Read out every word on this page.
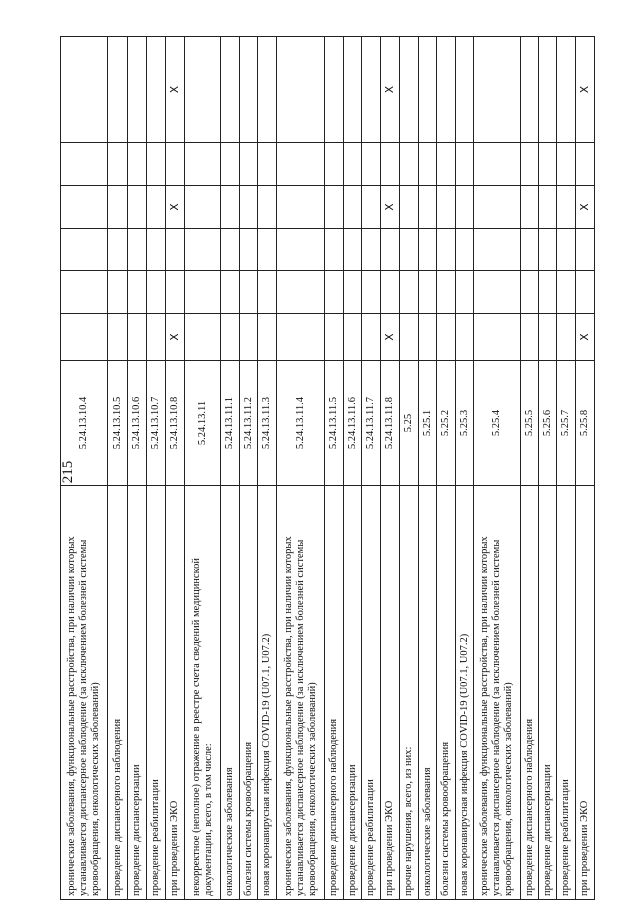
215
хронические заболевания, функциональные расстройства, при наличии которых устанавливается диспансерное наблюдение (за исключением болезней системы кровообращения, онкологических заболеваний)	5.24.13.10.4						
проведение диспансерного наблюдения	5.24.13.10.5						
проведение диспансеризации	5.24.13.10.6						
проведение реабилитации	5.24.13.10.7						
при проведении ЭКО	5.24.13.10.8	X			X		X
некорректное (неполное) отражение в реестре счета сведений медицинской документации, всего, в том числе:	5.24.13.11						
онкологические заболевания	5.24.13.11.1						
болезни системы кровообращения	5.24.13.11.2						
новая коронавирусная инфекция COVID-19 (U07.1, U07.2)	5.24.13.11.3						
хронические заболевания, функциональные расстройства, при наличии которых устанавливается диспансерное наблюдение (за исключением болезней системы кровообращения, онкологических заболеваний)	5.24.13.11.4						
проведение диспансерного наблюдения	5.24.13.11.5						
проведение диспансеризации	5.24.13.11.6						
проведение реабилитации	5.24.13.11.7						
при проведении ЭКО	5.24.13.11.8	X			X		X
прочие нарушения, всего, из них:	5.25						
онкологические заболевания	5.25.1						
болезни системы кровообращения	5.25.2						
новая коронавирусная инфекция COVID-19 (U07.1, U07.2)	5.25.3						
хронические заболевания, функциональные расстройства, при наличии которых устанавливается диспансерное наблюдение (за исключением болезней системы кровообращения, онкологических заболеваний)	5.25.4						
проведение диспансерного наблюдения	5.25.5						
проведение диспансеризации	5.25.6						
проведение реабилитации	5.25.7						
при проведении ЭКО	5.25.8	X			X		X
